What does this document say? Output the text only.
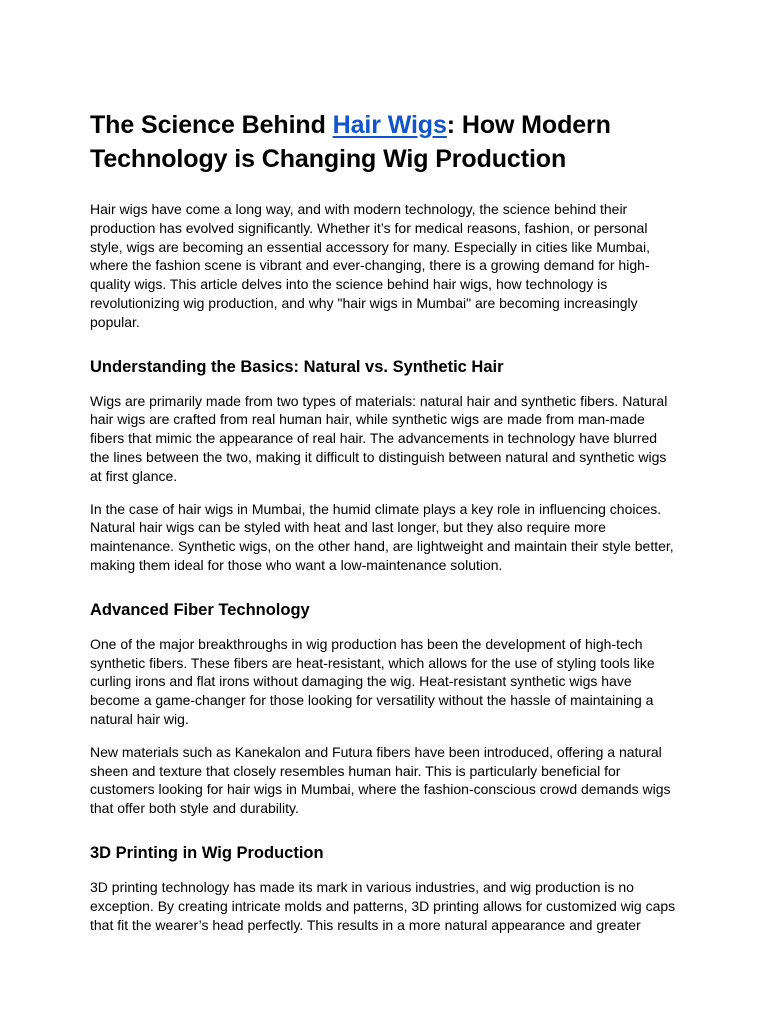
The Science Behind Hair Wigs: How Modern Technology is Changing Wig Production

Hair wigs have come a long way, and with modern technology, the science behind their production has evolved significantly. Whether it’s for medical reasons, fashion, or personal style, wigs are becoming an essential accessory for many. Especially in cities like Mumbai, where the fashion scene is vibrant and ever-changing, there is a growing demand for high-quality wigs. This article delves into the science behind hair wigs, how technology is revolutionizing wig production, and why "hair wigs in Mumbai" are becoming increasingly popular.

Understanding the Basics: Natural vs. Synthetic Hair

Wigs are primarily made from two types of materials: natural hair and synthetic fibers. Natural hair wigs are crafted from real human hair, while synthetic wigs are made from man-made fibers that mimic the appearance of real hair. The advancements in technology have blurred the lines between the two, making it difficult to distinguish between natural and synthetic wigs at first glance.

In the case of hair wigs in Mumbai, the humid climate plays a key role in influencing choices. Natural hair wigs can be styled with heat and last longer, but they also require more maintenance. Synthetic wigs, on the other hand, are lightweight and maintain their style better, making them ideal for those who want a low-maintenance solution.

Advanced Fiber Technology

One of the major breakthroughs in wig production has been the development of high-tech synthetic fibers. These fibers are heat-resistant, which allows for the use of styling tools like curling irons and flat irons without damaging the wig. Heat-resistant synthetic wigs have become a game-changer for those looking for versatility without the hassle of maintaining a natural hair wig.

New materials such as Kanekalon and Futura fibers have been introduced, offering a natural sheen and texture that closely resembles human hair. This is particularly beneficial for customers looking for hair wigs in Mumbai, where the fashion-conscious crowd demands wigs that offer both style and durability.

3D Printing in Wig Production

3D printing technology has made its mark in various industries, and wig production is no exception. By creating intricate molds and patterns, 3D printing allows for customized wig caps that fit the wearer’s head perfectly. This results in a more natural appearance and greater
